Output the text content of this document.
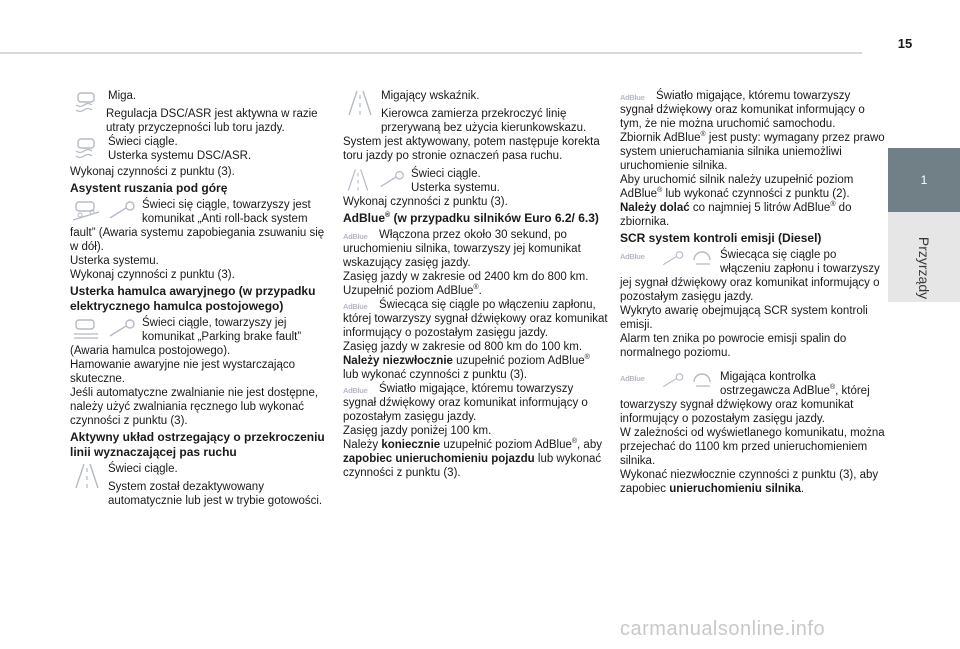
15
1
Przyrządy

Miga.

Regulacja DSC/ASR jest aktywna w razie utraty przyczepności lub toru jazdy.

Świeci ciągle.

Usterka systemu DSC/ASR.

Wykonaj czynności z punktu (3).

Asystent ruszania pod górę

Świeci się ciągle, towarzyszy jest komunikat „Anti roll-back system fault” (Awaria systemu zapobiegania zsuwaniu się w dół).

Usterka systemu.

Wykonaj czynności z punktu (3).

Usterka hamulca awaryjnego (w przypadku elektrycznego hamulca postojowego)

Świeci ciągle, towarzyszy jej komunikat „Parking brake fault” (Awaria hamulca postojowego).

Hamowanie awaryjne nie jest wystarczająco skuteczne.

Jeśli automatyczne zwalnianie nie jest dostępne, należy użyć zwalniania ręcznego lub wykonać czynności z punktu (3).

Aktywny układ ostrzegający o przekroczeniu linii wyznaczającej pas ruchu

Świeci ciągle.

System został dezaktywowany automatycznie lub jest w trybie gotowości.

Migający wskaźnik.

Kierowca zamierza przekroczyć linię przerywaną bez użycia kierunkowskazu.

System jest aktywowany, potem następuje korekta toru jazdy po stronie oznaczeń pasa ruchu.

Świeci ciągle.

Usterka systemu.

Wykonaj czynności z punktu (3).

AdBlue® (w przypadku silników Euro 6.2/ 6.3)
AdBlue	Włączona przez około 30 sekund, po uruchomieniu silnika, towarzyszy jej komunikat wskazujący zasięg jazdy.

Zasięg jazdy w zakresie od 2400 km do 800 km.

Uzupełnić poziom AdBlue®.

AdBlue	Świecąca się ciągle po włączeniu zapłonu, której towarzyszy sygnał dźwiękowy oraz komunikat informujący o pozostałym zasięgu jazdy.

Zasięg jazdy w zakresie od 800 km do 100 km.

Należy niezwłocznie uzupełnić poziom AdBlue® lub wykonać czynności z punktu (3).

AdBlue	Światło migające, któremu towarzyszy sygnał dźwiękowy oraz komunikat informujący o pozostałym zasięgu jazdy.

Zasięg jazdy poniżej 100 km.

Należy koniecznie uzupełnić poziom AdBlue®, aby zapobiec unieruchomieniu pojazdu lub wykonać czynności z punktu (3).

AdBlue	Światło migające, któremu towarzyszy sygnał dźwiękowy oraz komunikat informujący o tym, że nie można uruchomić samochodu.

Zbiornik AdBlue® jest pusty: wymagany przez prawo system unieruchamiania silnika uniemożliwi uruchomienie silnika.

Aby uruchomić silnik należy uzupełnić poziom AdBlue® lub wykonać czynności z punktu (2).

Należy dolać co najmniej 5 litrów AdBlue® do zbiornika.

SCR system kontroli emisji (Diesel)
AdBlue	Świecąca się ciągle po włączeniu zapłonu i towarzyszy jej sygnał dźwiękowy oraz komunikat informujący o pozostałym zasięgu jazdy.

Wykryto awarię obejmującą SCR system kontroli emisji.

Alarm ten znika po powrocie emisji spalin do normalnego poziomu.

AdBlue	Migająca kontrolka ostrzegawcza AdBlue®, której towarzyszy sygnał dźwiękowy oraz komunikat informujący o pozostałym zasięgu jazdy.

W zależności od wyświetlanego komunikatu, można przejechać do 1100 km przed unieruchomieniem silnika.

Wykonać niezwłocznie czynności z punktu (3), aby zapobiec unieruchomieniu silnika.

carmanualsonline.info
